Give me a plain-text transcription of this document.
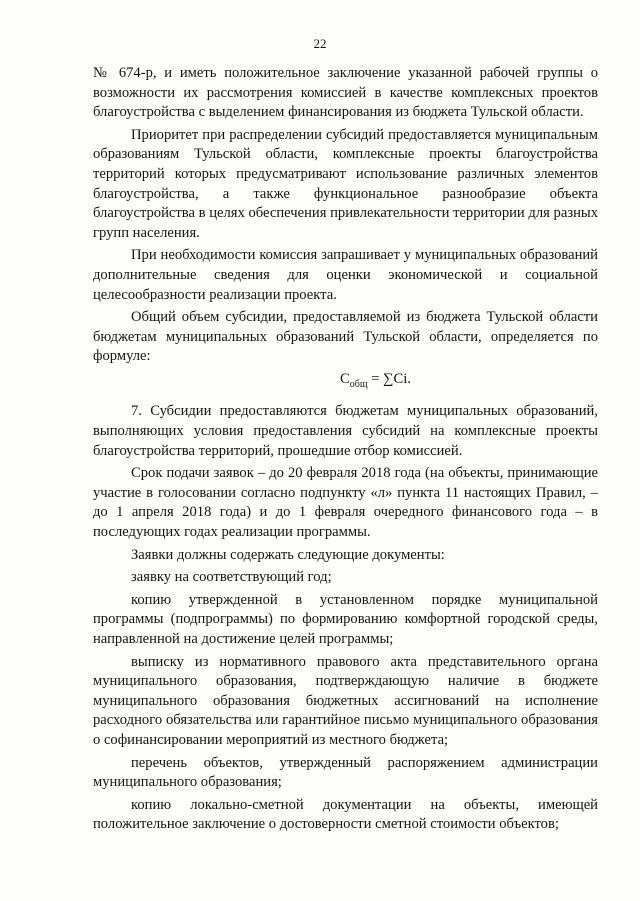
22

№ 674-р, и иметь положительное заключение указанной рабочей группы о возможности их рассмотрения комиссией в качестве комплексных проектов благоустройства с выделением финансирования из бюджета Тульской области.

Приоритет при распределении субсидий предоставляется муниципальным образованиям Тульской области, комплексные проекты благоустройства территорий которых предусматривают использование различных элементов благоустройства, а также функциональное разнообразие объекта благоустройства в целях обеспечения привлекательности территории для разных групп населения.

При необходимости комиссия запрашивает у муниципальных образований дополнительные сведения для оценки экономической и социальной целесообразности реализации проекта.

Общий объем субсидии, предоставляемой из бюджета Тульской области бюджетам муниципальных образований Тульской области, определяется по формуле:

$C_{общ} = \sum Ci$.

7. Субсидии предоставляются бюджетам муниципальных образований, выполняющих условия предоставления субсидий на комплексные проекты благоустройства территорий, прошедшие отбор комиссией.

Срок подачи заявок – до 20 февраля 2018 года (на объекты, принимающие участие в голосовании согласно подпункту «л» пункта 11 настоящих Правил, – до 1 апреля 2018 года) и до 1 февраля очередного финансового года – в последующих годах реализации программы.

Заявки должны содержать следующие документы:

заявку на соответствующий год;

копию утвержденной в установленном порядке муниципальной программы (подпрограммы) по формированию комфортной городской среды, направленной на достижение целей программы;

выписку из нормативного правового акта представительного органа муниципального образования, подтверждающую наличие в бюджете муниципального образования бюджетных ассигнований на исполнение расходного обязательства или гарантийное письмо муниципального образования о софинансировании мероприятий из местного бюджета;

перечень объектов, утвержденный распоряжением администрации муниципального образования;

копию локально-сметной документации на объекты, имеющей положительное заключение о достоверности сметной стоимости объектов;
